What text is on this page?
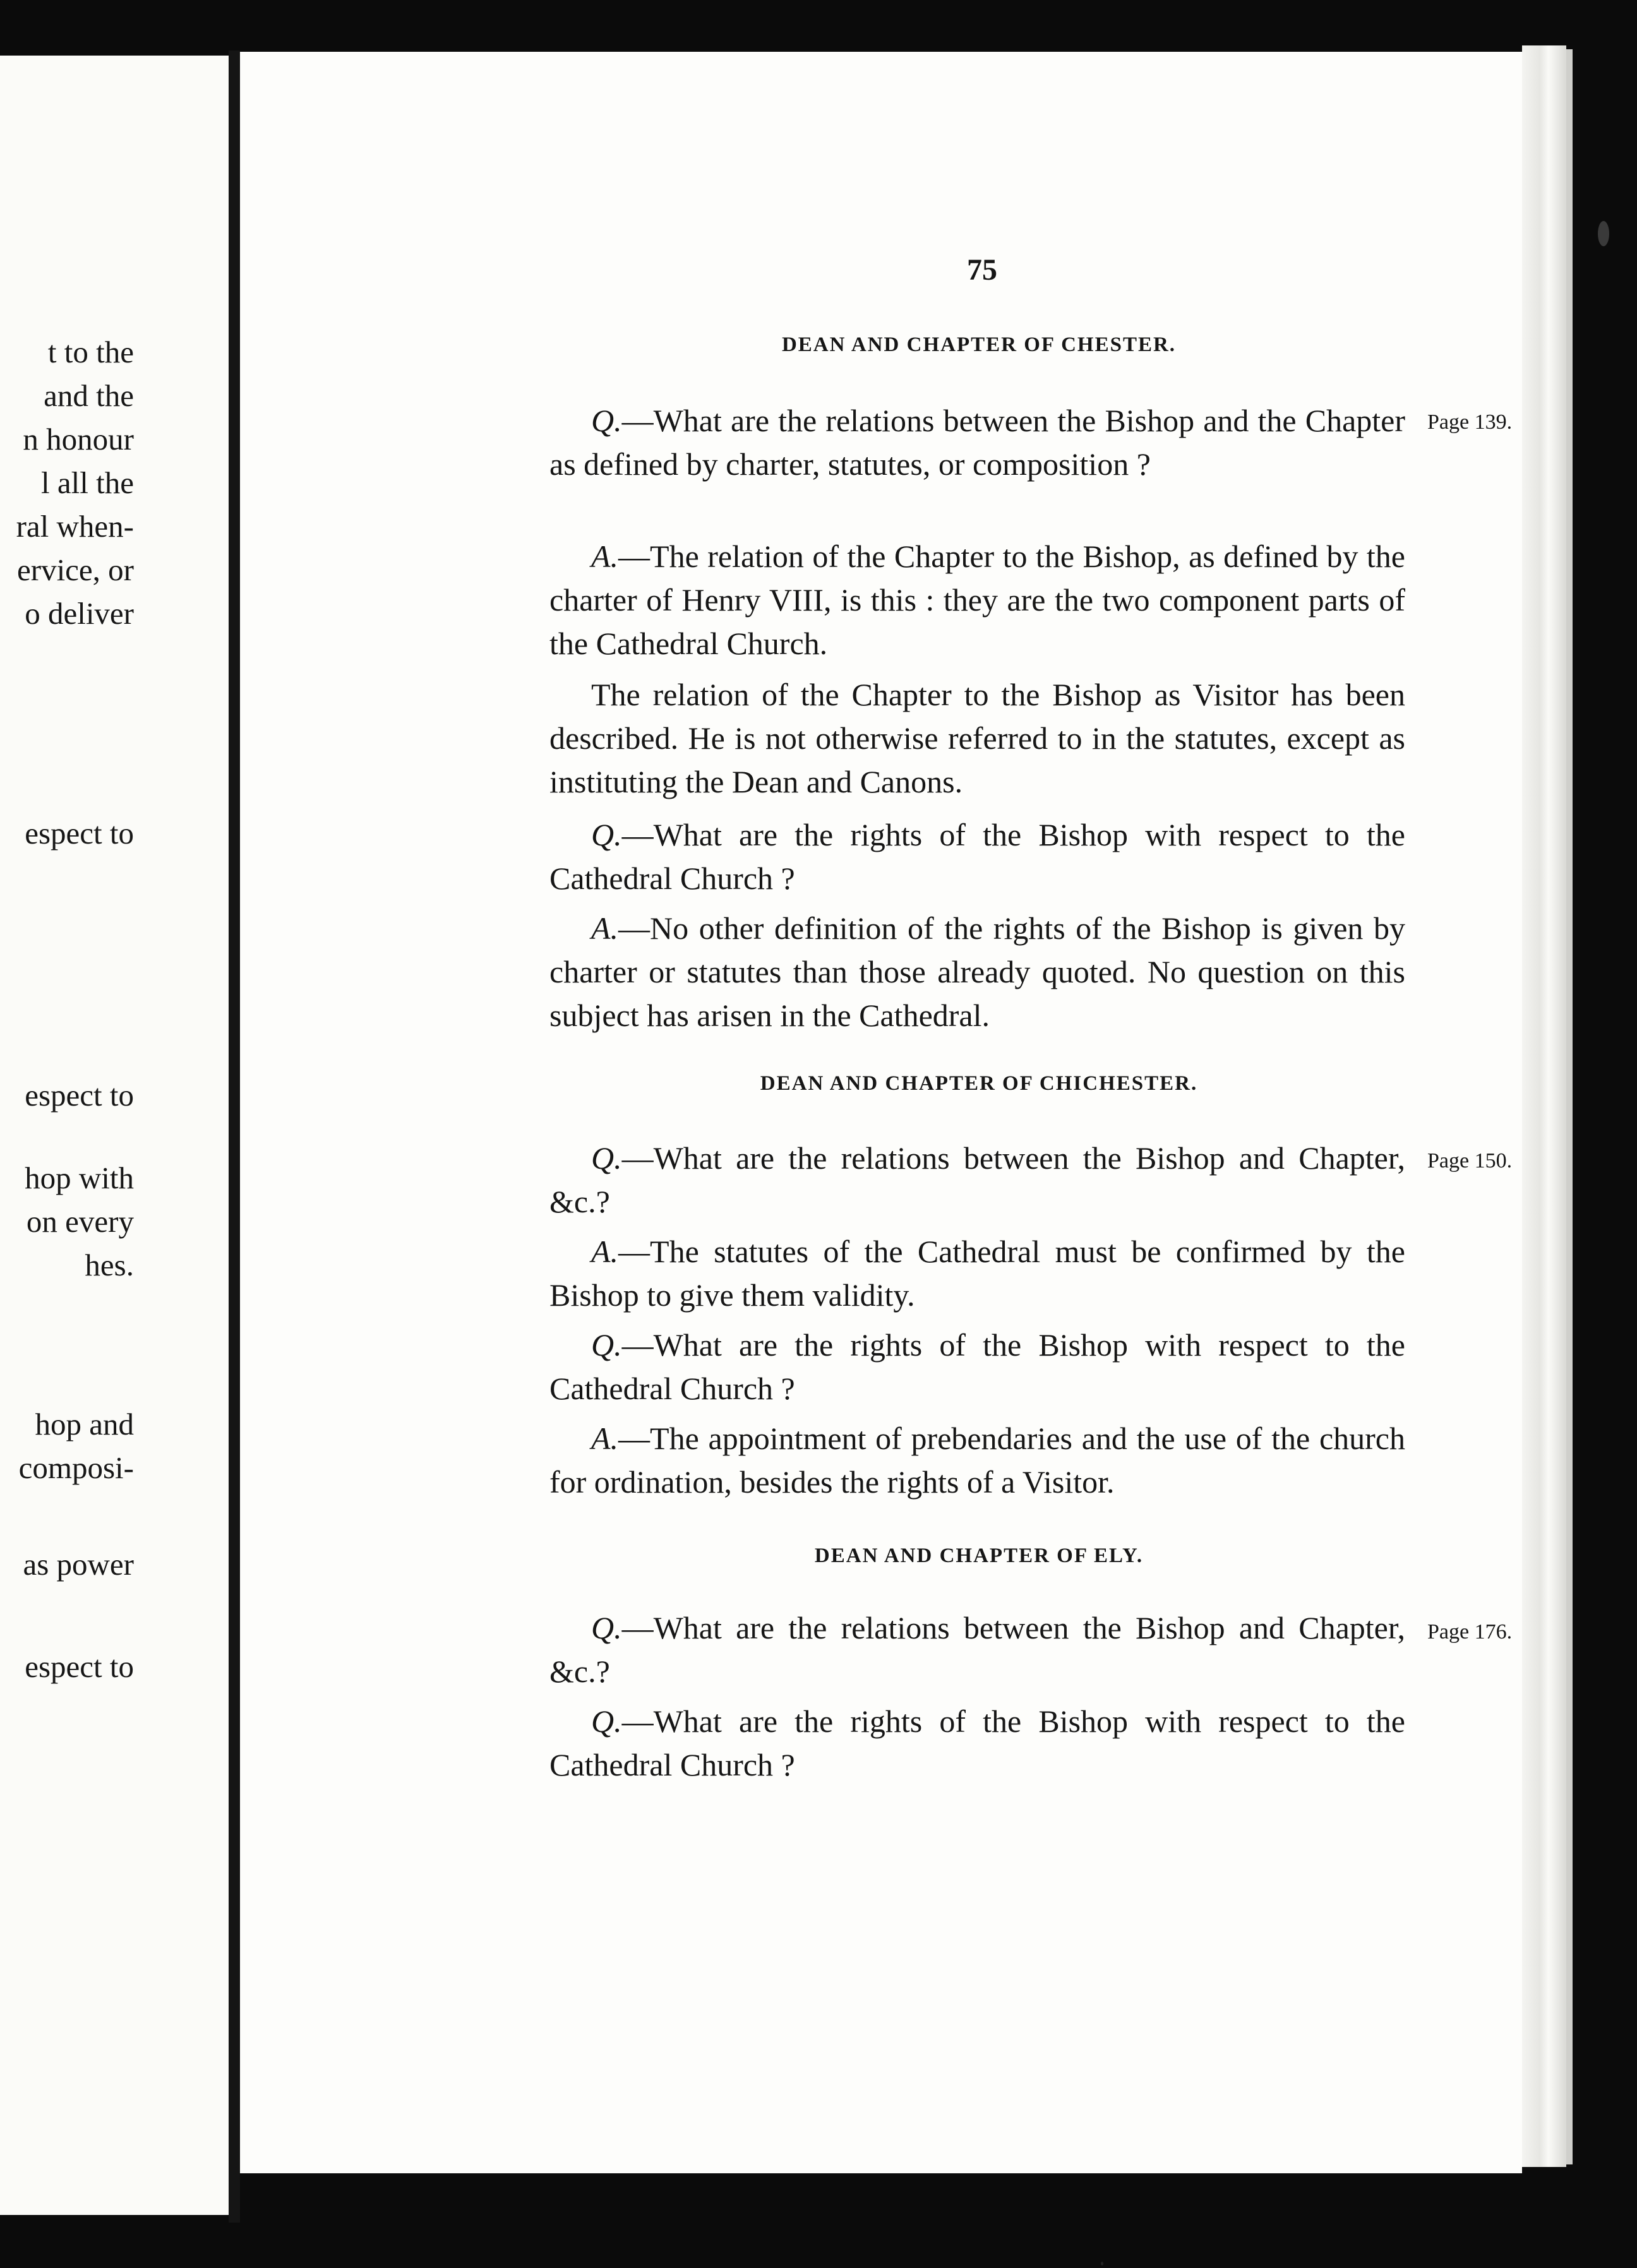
t to the
and the
n honour
l all the
ral when-
ervice, or
o deliver
espect to
espect to
hop with
on every
hes.
hop and
composi-
as power
espect to
75
DEAN AND CHAPTER OF CHESTER.
Page 139.
Q.—What are the relations between the Bishop and the Chapter as defined by charter, statutes, or composition ?
A.—The relation of the Chapter to the Bishop, as defined by the charter of Henry VIII, is this : they are the two component parts of the Cathedral Church.
The relation of the Chapter to the Bishop as Visitor has been described. He is not otherwise referred to in the statutes, except as instituting the Dean and Canons.
Q.—What are the rights of the Bishop with respect to the Cathedral Church ?
A.—No other definition of the rights of the Bishop is given by charter or statutes than those already quoted. No question on this subject has arisen in the Cathedral.
DEAN AND CHAPTER OF CHICHESTER.
Page 150.
Q.—What are the relations between the Bishop and Chapter, &c.?
A.—The statutes of the Cathedral must be confirmed by the Bishop to give them validity.
Q.—What are the rights of the Bishop with respect to the Cathedral Church ?
A.—The appointment of prebendaries and the use of the church for ordination, besides the rights of a Visitor.
DEAN AND CHAPTER OF ELY.
Page 176.
Q.—What are the relations between the Bishop and Chapter, &c.?
Q.—What are the rights of the Bishop with respect to the Cathedral Church ?
